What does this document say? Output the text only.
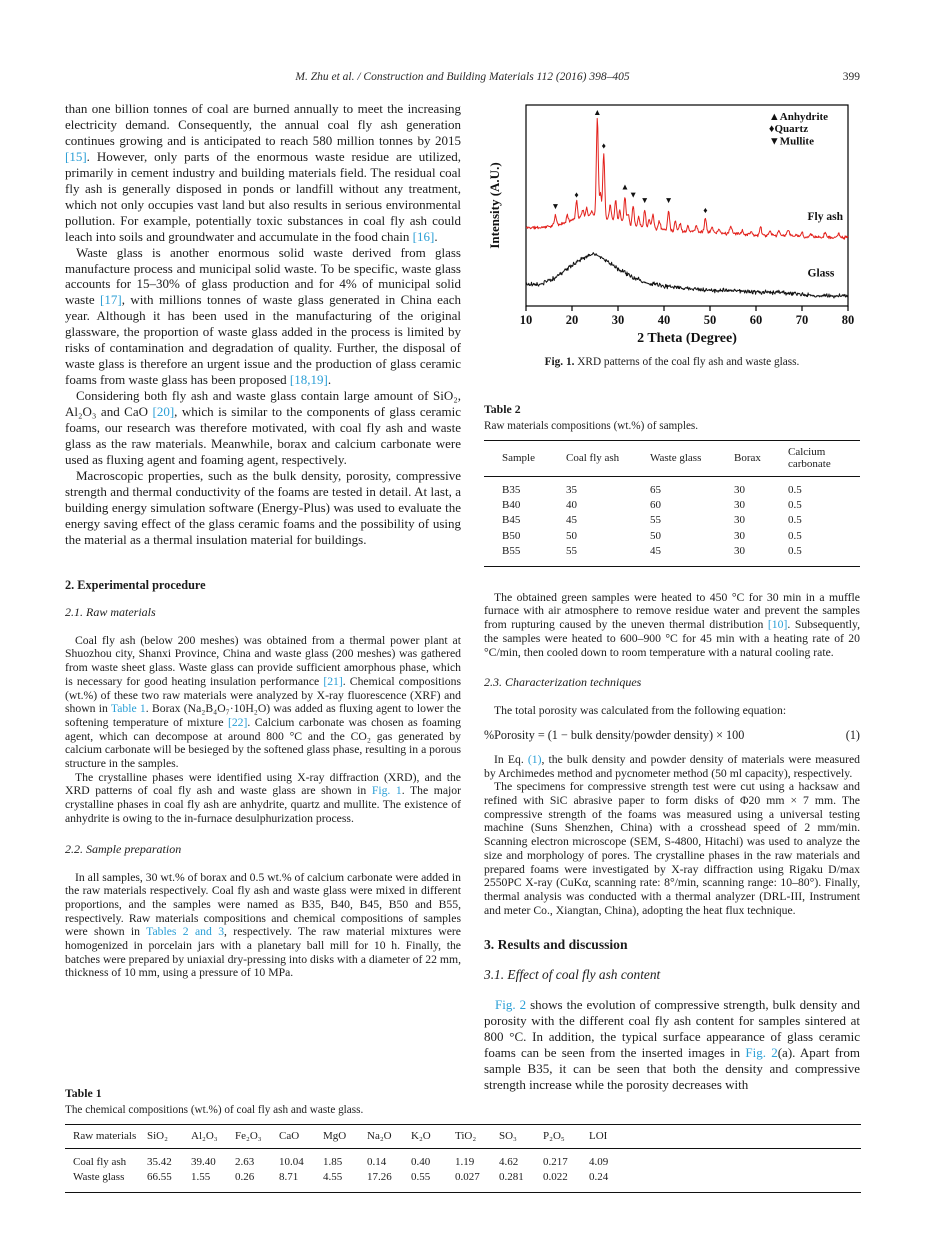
M. Zhu et al. / Construction and Building Materials 112 (2016) 398–405	399

than one billion tonnes of coal are burned annually to meet the increasing electricity demand. Consequently, the annual coal fly ash generation continues growing and is anticipated to reach 580 million tonnes by 2015 [15]. However, only parts of the enormous waste residue are utilized, primarily in cement industry and building materials field. The residual coal fly ash is generally disposed in ponds or landfill without any treatment, which not only occupies vast land but also results in serious environmental pollution. For example, potentially toxic substances in coal fly ash could leach into soils and groundwater and accumulate in the food chain [16].

Waste glass is another enormous solid waste derived from glass manufacture process and municipal solid waste. To be specific, waste glass accounts for 15–30% of glass production and for 4% of municipal solid waste [17], with millions tonnes of waste glass generated in China each year. Although it has been used in the manufacturing of the original glassware, the proportion of waste glass added in the process is limited by risks of contamination and degradation of quality. Further, the disposal of waste glass is therefore an urgent issue and the production of glass ceramic foams from waste glass has been proposed [18,19].

Considering both fly ash and waste glass contain large amount of SiO₂, Al₂O₃ and CaO [20], which is similar to the components of glass ceramic foams, our research was therefore motivated, with coal fly ash and waste glass as the raw materials. Meanwhile, borax and calcium carbonate were used as fluxing agent and foaming agent, respectively.

Macroscopic properties, such as the bulk density, porosity, compressive strength and thermal conductivity of the foams are tested in detail. At last, a building energy simulation software (Energy-Plus) was used to evaluate the energy saving effect of the glass ceramic foams and the possibility of using the material as a thermal insulation material for buildings.

2. Experimental procedure
2.1. Raw materials

Coal fly ash (below 200 meshes) was obtained from a thermal power plant at Shuozhou city, Shanxi Province, China and waste glass (200 meshes) was gathered from waste sheet glass. Waste glass can provide sufficient amorphous phase, which is necessary for good heating insulation performance [21]. Chemical compositions (wt.%) of these two raw materials were analyzed by X-ray fluorescence (XRF) and shown in Table 1. Borax (Na₂B₄O₇·10H₂O) was added as fluxing agent to lower the softening temperature of mixture [22]. Calcium carbonate was chosen as foaming agent, which can decompose at around 800 °C and the CO₂ gas generated by calcium carbonate will be besieged by the softened glass phase, resulting in a porous structure in the samples.

The crystalline phases were identified using X-ray diffraction (XRD), and the XRD patterns of coal fly ash and waste glass are shown in Fig. 1. The major crystalline phases in coal fly ash are anhydrite, quartz and mullite. The existence of anhydrite is owing to the in-furnace desulphurization process.

2.2. Sample preparation

In all samples, 30 wt.% of borax and 0.5 wt.% of calcium carbonate were added in the raw materials respectively. Coal fly ash and waste glass were mixed in different proportions, and the samples were named as B35, B40, B45, B50 and B55, respectively. Raw materials compositions and chemical compositions of samples were shown in Tables 2 and 3, respectively. The raw material mixtures were homogenized in porcelain jars with a planetary ball mill for 10 h. Finally, the batches were prepared by uniaxial dry-pressing into disks with a diameter of 22 mm, thickness of 10 mm, using a pressure of 10 MPa.

10	20	30	40	50	60	70	80
2 Theta (Degree)
Intensity (A.U.)	Fly ash
Glass
▼
♦
▲
♦
▲
▼
▼ ▼
♦
▲Anhydrite
♦Quartz
▼Mullite
Fig. 1. XRD patterns of the coal fly ash and waste glass.

Table 2

Raw materials compositions (wt.%) of samples.

Sample	Coal fly ash	Waste glass	Borax	Calcium carbonate
B35	35	65	30	0.5
B40	40	60	30	0.5
B45	45	55	30	0.5
B50	50	50	30	0.5
B55	55	45	30	0.5

The obtained green samples were heated to 450 °C for 30 min in a muffle furnace with air atmosphere to remove residue water and prevent the samples from rupturing caused by the uneven thermal distribution [10]. Subsequently, the samples were heated to 600–900 °C for 45 min with a heating rate of 20 °C/min, then cooled down to room temperature with a natural cooling rate.

2.3. Characterization techniques

The total porosity was calculated from the following equation:

%Porosity = (1 − bulk density/powder density) × 100	(1)

In Eq. (1), the bulk density and powder density of materials were measured by Archimedes method and pycnometer method (50 ml capacity), respectively.

The specimens for compressive strength test were cut using a hacksaw and refined with SiC abrasive paper to form disks of Φ20 mm × 7 mm. The compressive strength of the foams was measured using a universal testing machine (Suns Shenzhen, China) with a crosshead speed of 2 mm/min. Scanning electron microscope (SEM, S-4800, Hitachi) was used to analyze the size and morphology of pores. The crystalline phases in the raw materials and prepared foams were investigated by X-ray diffraction using Rigaku D/max 2550PC X-ray (CuKα, scanning rate: 8°/min, scanning range: 10–80°). Finally, thermal analysis was conducted with a thermal analyzer (DRL-III, Instrument and meter Co., Xiangtan, China), adopting the heat flux technique.

3. Results and discussion
3.1. Effect of coal fly ash content

Fig. 2 shows the evolution of compressive strength, bulk density and porosity with the different coal fly ash content for samples sintered at 800 °C. In addition, the typical surface appearance of glass ceramic foams can be seen from the inserted images in Fig. 2(a). Apart from sample B35, it can be seen that both the density and compressive strength increase while the porosity decreases with

Table 1

The chemical compositions (wt.%) of coal fly ash and waste glass.

Raw materials	SiO₂	Al₂O₃	Fe₂O₃	CaO	MgO	Na₂O	K₂O	TiO₂	SO₃	P₂O₅	LOI
Coal fly ash	35.42	39.40	2.63	10.04	1.85	0.14	0.40	1.19	4.62	0.217	4.09
Waste glass	66.55	1.55	0.26	8.71	4.55	17.26	0.55	0.027	0.281	0.022	0.24
